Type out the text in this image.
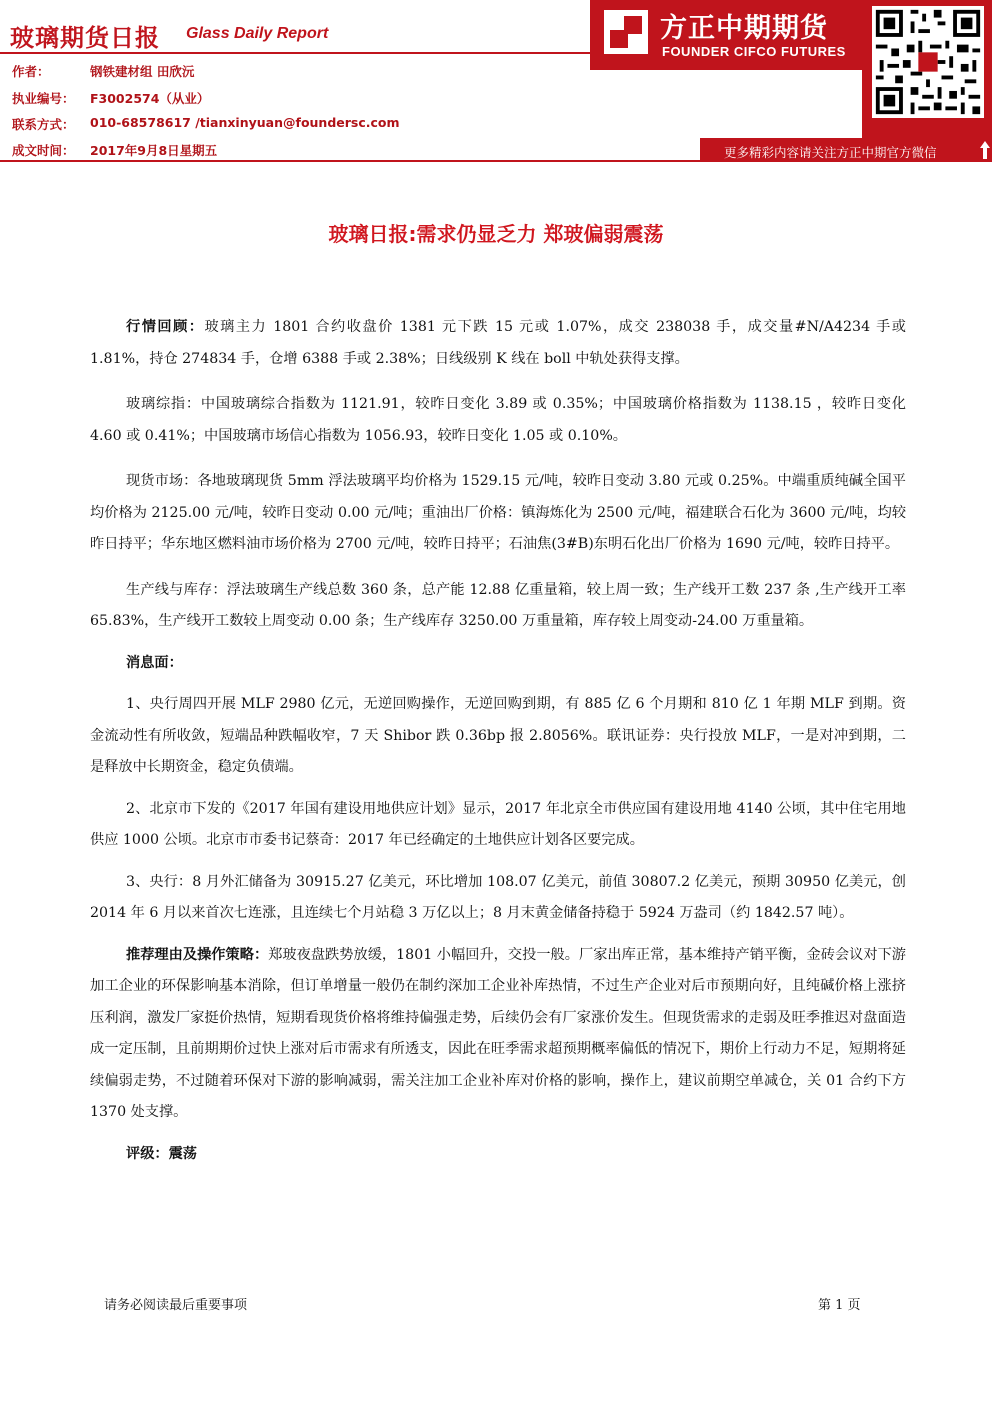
玻璃期货日报 Glass Daily Report
作者：	钢铁建材组 田欣沅
执业编号： F3002574（从业）
联系方式： 010-68578617 /tianxinyuan@foundersc.com
成文时间： 2017年9月8日星期五
方正中期期货
FOUNDER CIFCO FUTURES
更多精彩内容请关注方正中期官方微信
玻璃日报:需求仍显乏力 郑玻偏弱震荡

行情回顾：玻璃主力 1801 合约收盘价 1381 元下跌 15 元或 1.07%，成交 238038 手，成交量#N/A4234 手或 1.81%，持仓 274834 手，仓增 6388 手或 2.38%；日线级别 K 线在 boll 中轨处获得支撑。

玻璃综指：中国玻璃综合指数为 1121.91，较昨日变化 3.89 或 0.35%；中国玻璃价格指数为 1138.15 ，较昨日变化 4.60 或 0.41%；中国玻璃市场信心指数为 1056.93，较昨日变化 1.05 或 0.10%。

现货市场：各地玻璃现货 5mm 浮法玻璃平均价格为 1529.15 元/吨，较昨日变动 3.80 元或 0.25%。中端重质纯碱全国平均价格为 2125.00 元/吨，较昨日变动 0.00 元/吨；重油出厂价格：镇海炼化为 2500 元/吨，福建联合石化为 3600 元/吨，均较昨日持平；华东地区燃料油市场价格为 2700 元/吨，较昨日持平；石油焦(3#B)东明石化出厂价格为 1690 元/吨，较昨日持平。

生产线与库存：浮法玻璃生产线总数 360 条，总产能 12.88 亿重量箱，较上周一致；生产线开工数 237 条 ,生产线开工率 65.83%，生产线开工数较上周变动 0.00 条；生产线库存 3250.00 万重量箱，库存较上周变动-24.00 万重量箱。

消息面：

1、央行周四开展 MLF 2980 亿元，无逆回购操作，无逆回购到期，有 885 亿 6 个月期和 810 亿 1 年期 MLF 到期。资金流动性有所收敛，短端品种跌幅收窄，7 天 Shibor 跌 0.36bp 报 2.8056%。联讯证券：央行投放 MLF，一是对冲到期，二是释放中长期资金，稳定负债端。

2、北京市下发的《2017 年国有建设用地供应计划》显示，2017 年北京全市供应国有建设用地 4140 公顷，其中住宅用地供应 1000 公顷。北京市市委书记蔡奇：2017 年已经确定的土地供应计划各区要完成。

3、央行：8 月外汇储备为 30915.27 亿美元，环比增加 108.07 亿美元，前值 30807.2 亿美元，预期 30950 亿美元，创 2014 年 6 月以来首次七连涨，且连续七个月站稳 3 万亿以上；8 月末黄金储备持稳于 5924 万盎司（约 1842.57 吨）。

推荐理由及操作策略：郑玻夜盘跌势放缓，1801 小幅回升，交投一般。厂家出库正常，基本维持产销平衡，金砖会议对下游加工企业的环保影响基本消除，但订单增量一般仍在制约深加工企业补库热情，不过生产企业对后市预期向好，且纯碱价格上涨挤压利润，激发厂家挺价热情，短期看现货价格将维持偏强走势，后续仍会有厂家涨价发生。但现货需求的走弱及旺季推迟对盘面造成一定压制，且前期期价过快上涨对后市需求有所透支，因此在旺季需求超预期概率偏低的情况下，期价上行动力不足，短期将延续偏弱走势，不过随着环保对下游的影响减弱，需关注加工企业补库对价格的影响，操作上，建议前期空单减仓，关 01 合约下方 1370 处支撑。

评级：震荡

请务必阅读最后重要事项	第 1 页
